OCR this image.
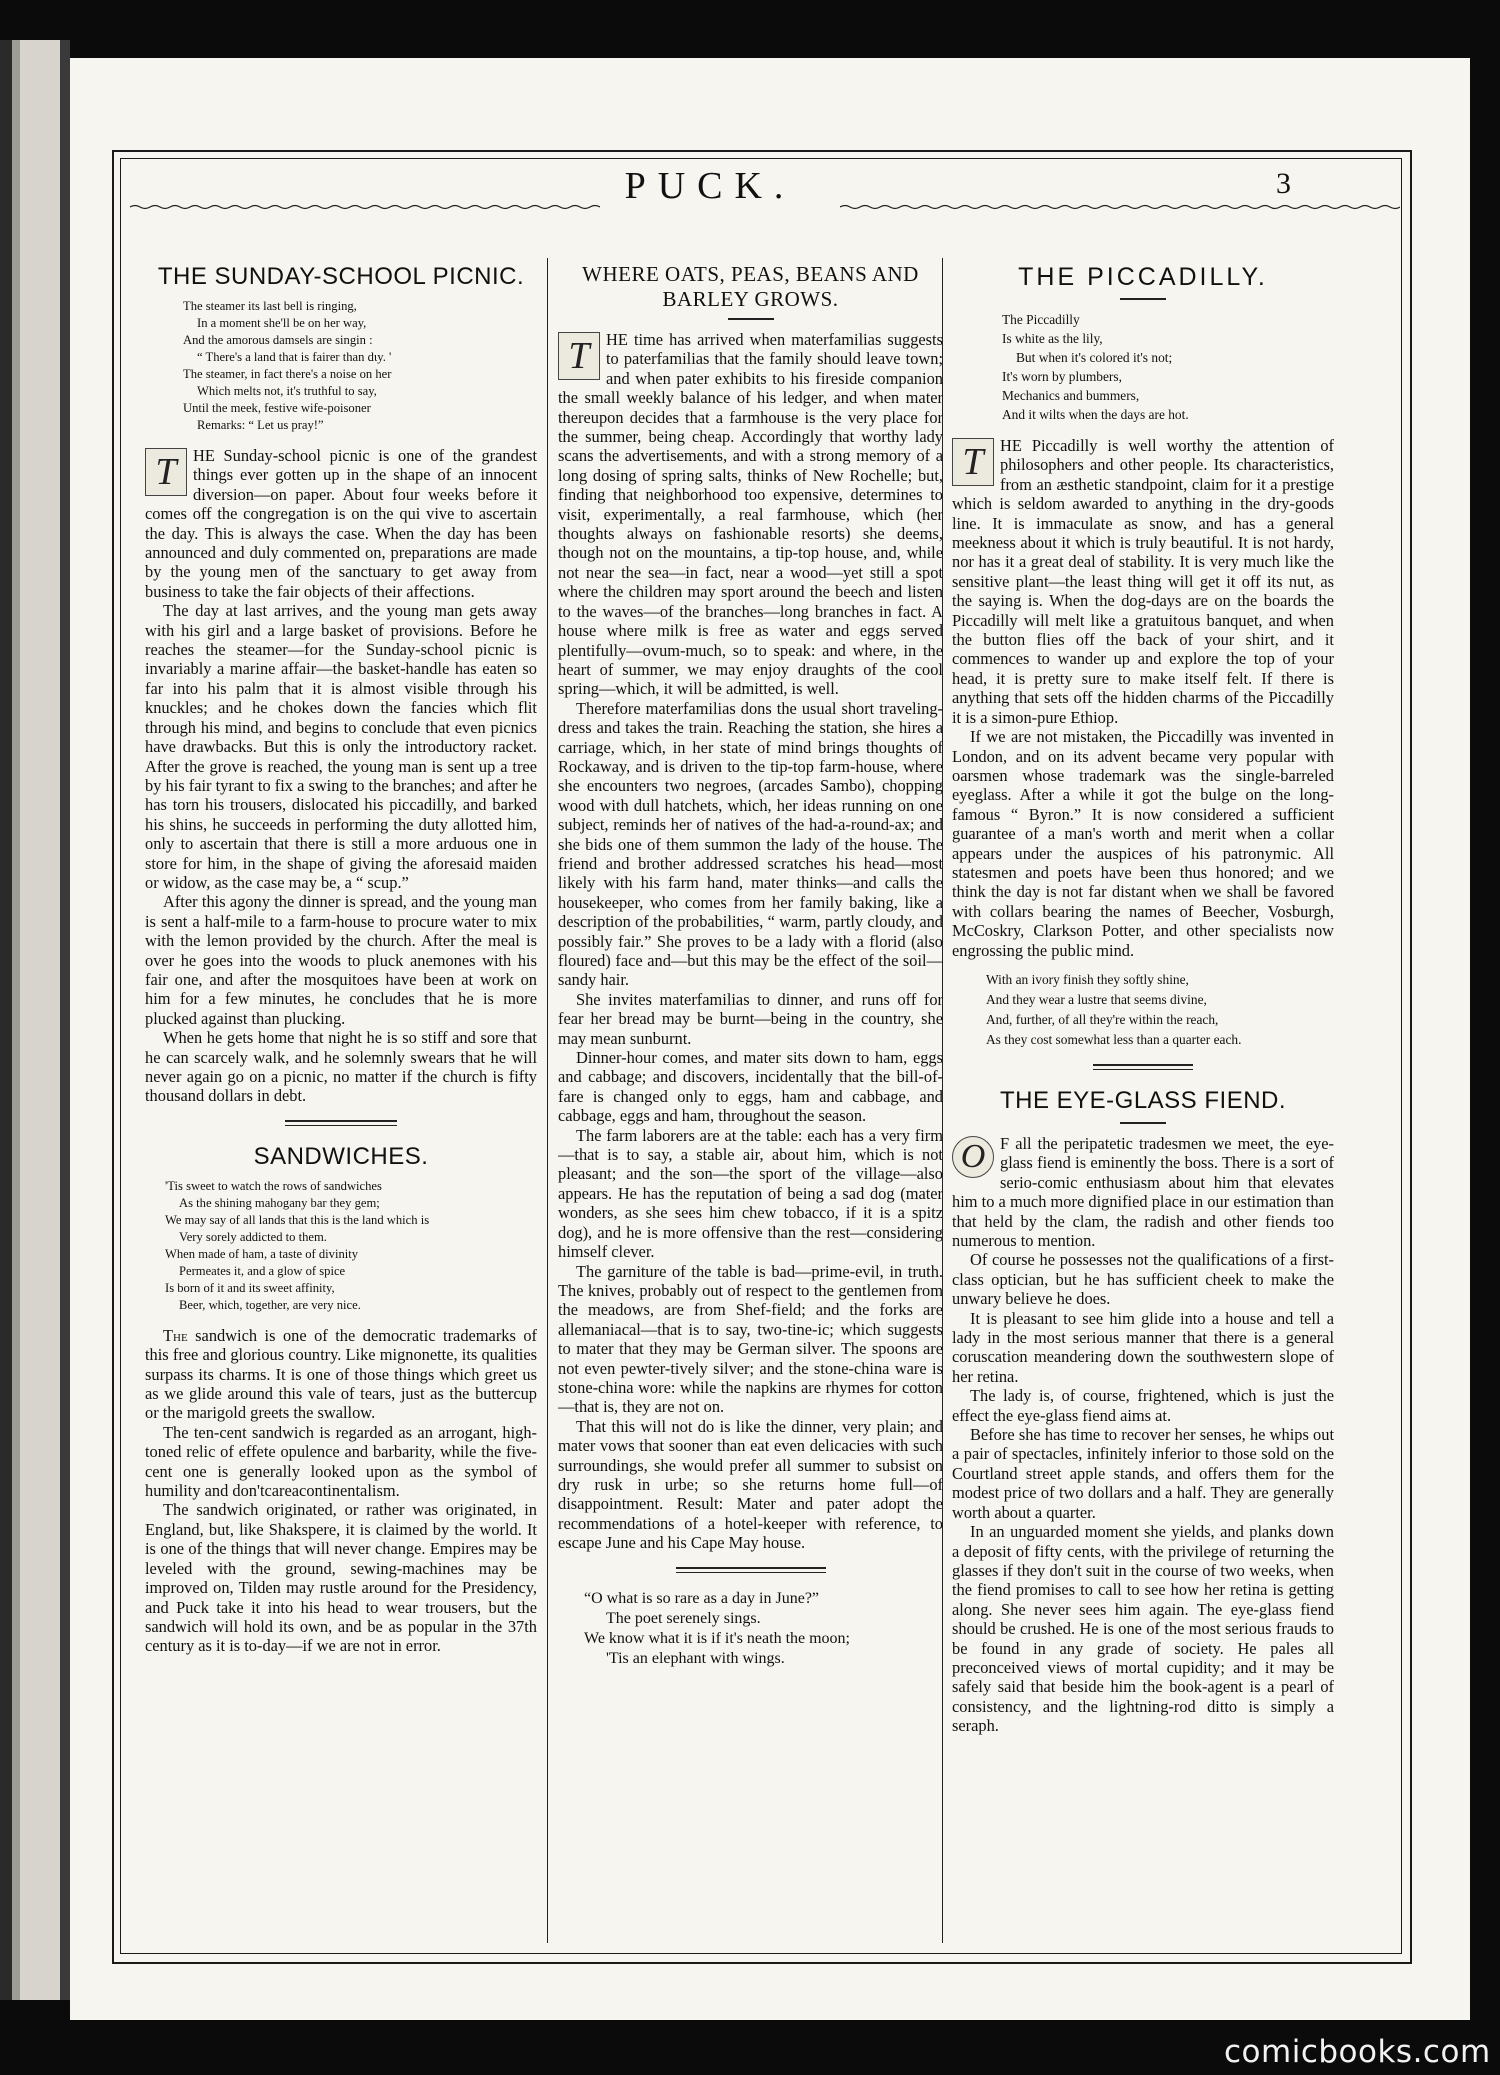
PUCK.	3
THE SUNDAY-SCHOOL PICNIC.
The steamer its last bell is ringing,
In a moment she'll be on her way,
And the amorous damsels are singin :
“ There's a land that is fairer than dɩy. '
The steamer, in fact there's a noise on her
Which melts not, it's truthful to say,
Until the meek, festive wife-poisoner
Remarks: “ Let us pray!”

T	HE Sunday-school picnic is one of the grandest things ever gotten up in the shape of an innocent diversion—on paper. About four weeks before it comes off the congregation is on the qui vive to ascertain the day. This is always the case. When the day has been announced and duly commented on, preparations are made by the young men of the sanctuary to get away from business to take the fair objects of their affections.

The day at last arrives, and the young man gets away with his girl and a large basket of provisions. Before he reaches the steamer—for the Sunday-school picnic is invariably a marine affair—the basket-handle has eaten so far into his palm that it is almost visible through his knuckles; and he chokes down the fancies which flit through his mind, and begins to conclude that even picnics have drawbacks. But this is only the introductory racket. After the grove is reached, the young man is sent up a tree by his fair tyrant to fix a swing to the branches; and after he has torn his trousers, dislocated his piccadilly, and barked his shins, he succeeds in performing the duty allotted him, only to ascertain that there is still a more arduous one in store for him, in the shape of giving the aforesaid maiden or widow, as the case may be, a “ scup.”

After this agony the dinner is spread, and the young man is sent a half-mile to a farm-house to procure water to mix with the lemon provided by the church. After the meal is over he goes into the woods to pluck anemones with his fair one, and after the mosquitoes have been at work on him for a few minutes, he concludes that he is more plucked against than plucking.

When he gets home that night he is so stiff and sore that he can scarcely walk, and he solemnly swears that he will never again go on a picnic, no matter if the church is fifty thousand dollars in debt.

SANDWICHES.
'Tis sweet to watch the rows of sandwiches
As the shining mahogany bar they gem;
We may say of all lands that this is the land which is
Very sorely addicted to them.
When made of ham, a taste of divinity
Permeates it, and a glow of spice
Is born of it and its sweet affinity,
Beer, which, together, are very nice.

The sandwich is one of the democratic trademarks of this free and glorious country. Like mignonette, its qualities surpass its charms. It is one of those things which greet us as we glide around this vale of tears, just as the buttercup or the marigold greets the swallow.

The ten-cent sandwich is regarded as an arrogant, high-toned relic of effete opulence and barbarity, while the five-cent one is generally looked upon as the symbol of humility and don'tcareacontinentalism.

The sandwich originated, or rather was originated, in England, but, like Shakspere, it is claimed by the world. It is one of the things that will never change. Empires may be leveled with the ground, sewing-machines may be improved on, Tilden may rustle around for the Presidency, and Puck take it into his head to wear trousers, but the sandwich will hold its own, and be as popular in the 37th century as it is to-day—if we are not in error.

WHERE OATS, PEAS, BEANS AND BARLEY GROWS.

T	HE time has arrived when materfamilias suggests to paterfamilias that the family should leave town; and when pater exhibits to his fireside companion the small weekly balance of his ledger, and when mater thereupon decides that a farmhouse is the very place for the summer, being cheap. Accordingly that worthy lady scans the advertisements, and with a strong memory of a long dosing of spring salts, thinks of New Rochelle; but, finding that neighborhood too expensive, determines to visit, experimentally, a real farmhouse, which (her thoughts always on fashionable resorts) she deems, though not on the mountains, a tip-top house, and, while not near the sea—in fact, near a wood—yet still a spot where the children may sport around the beech and listen to the waves—of the branches—long branches in fact. A house where milk is free as water and eggs served plentifully—ovum-much, so to speak: and where, in the heart of summer, we may enjoy draughts of the cool spring—which, it will be admitted, is well.

Therefore materfamilias dons the usual short traveling-dress and takes the train. Reaching the station, she hires a carriage, which, in her state of mind brings thoughts of Rockaway, and is driven to the tip-top farm-house, where she encounters two negroes, (arcades Sambo), chopping wood with dull hatchets, which, her ideas running on one subject, reminds her of natives of the had-a-round-ax; and she bids one of them summon the lady of the house. The friend and brother addressed scratches his head—most likely with his farm hand, mater thinks—and calls the housekeeper, who comes from her family baking, like a description of the probabilities, “ warm, partly cloudy, and possibly fair.” She proves to be a lady with a florid (also floured) face and—but this may be the effect of the soil—sandy hair.

She invites materfamilias to dinner, and runs off for fear her bread may be burnt—being in the country, she may mean sunburnt.

Dinner-hour comes, and mater sits down to ham, eggs and cabbage; and discovers, incidentally that the bill-of-fare is changed only to eggs, ham and cabbage, and cabbage, eggs and ham, throughout the season.

The farm laborers are at the table: each has a very firm—that is to say, a stable air, about him, which is not pleasant; and the son—the sport of the village—also appears. He has the reputation of being a sad dog (mater wonders, as she sees him chew tobacco, if it is a spitz dog), and he is more offensive than the rest—considering himself clever.

The garniture of the table is bad—prime-evil, in truth. The knives, probably out of respect to the gentlemen from the meadows, are from Shef-field; and the forks are allemaniacal—that is to say, two-tine-ic; which suggests to mater that they may be German silver. The spoons are not even pewter-tively silver; and the stone-china ware is stone-china wore: while the napkins are rhymes for cotton—that is, they are not on.

That this will not do is like the dinner, very plain; and mater vows that sooner than eat even delicacies with such surroundings, she would prefer all summer to subsist on dry rusk in urbe; so she returns home full—of disappointment. Result: Mater and pater adopt the recommendations of a hotel-keeper with reference, to escape June and his Cape May house.

“O what is so rare as a day in June?”
The poet serenely sings.
We know what it is if it's neath the moon;
'Tis an elephant with wings.
THE PICCADILLY.
The Piccadilly
Is white as the lily,
But when it's colored it's not;
It's worn by plumbers,
Mechanics and bummers,
And it wilts when the days are hot.

T	HE Piccadilly is well worthy the attention of philosophers and other people. Its characteristics, from an æsthetic standpoint, claim for it a prestige which is seldom awarded to anything in the dry-goods line. It is immaculate as snow, and has a general meekness about it which is truly beautiful. It is not hardy, nor has it a great deal of stability. It is very much like the sensitive plant—the least thing will get it off its nut, as the saying is. When the dog-days are on the boards the Piccadilly will melt like a gratuitous banquet, and when the button flies off the back of your shirt, and it commences to wander up and explore the top of your head, it is pretty sure to make itself felt. If there is anything that sets off the hidden charms of the Piccadilly it is a simon-pure Ethiop.

If we are not mistaken, the Piccadilly was invented in London, and on its advent became very popular with oarsmen whose trademark was the single-barreled eyeglass. After a while it got the bulge on the long-famous “ Byron.” It is now considered a sufficient guarantee of a man's worth and merit when a collar appears under the auspices of his patronymic. All statesmen and poets have been thus honored; and we think the day is not far distant when we shall be favored with collars bearing the names of Beecher, Vosburgh, McCoskry, Clarkson Potter, and other specialists now engrossing the public mind.

With an ivory finish they softly shine,
And they wear a lustre that seems divine,
And, further, of all they're within the reach,
As they cost somewhat less than a quarter each.
THE EYE-GLASS FIEND.

O F all the peripatetic tradesmen we meet, the eye-glass fiend is eminently the boss. There is a sort of serio-comic enthusiasm about him that elevates him to a much more dignified place in our estimation than that held by the clam, the radish and other fiends too numerous to mention.

Of course he possesses not the qualifications of a first-class optician, but he has sufficient cheek to make the unwary believe he does.

It is pleasant to see him glide into a house and tell a lady in the most serious manner that there is a general coruscation meandering down the southwestern slope of her retina.

The lady is, of course, frightened, which is just the effect the eye-glass fiend aims at.

Before she has time to recover her senses, he whips out a pair of spectacles, infinitely inferior to those sold on the Courtland street apple stands, and offers them for the modest price of two dollars and a half. They are generally worth about a quarter.

In an unguarded moment she yields, and planks down a deposit of fifty cents, with the privilege of returning the glasses if they don't suit in the course of two weeks, when the fiend promises to call to see how her retina is getting along. She never sees him again. The eye-glass fiend should be crushed. He is one of the most serious frauds to be found in any grade of society. He pales all preconceived views of mortal cupidity; and it may be safely said that beside him the book-agent is a pearl of consistency, and the lightning-rod ditto is simply a seraph.

comicbooks.com
